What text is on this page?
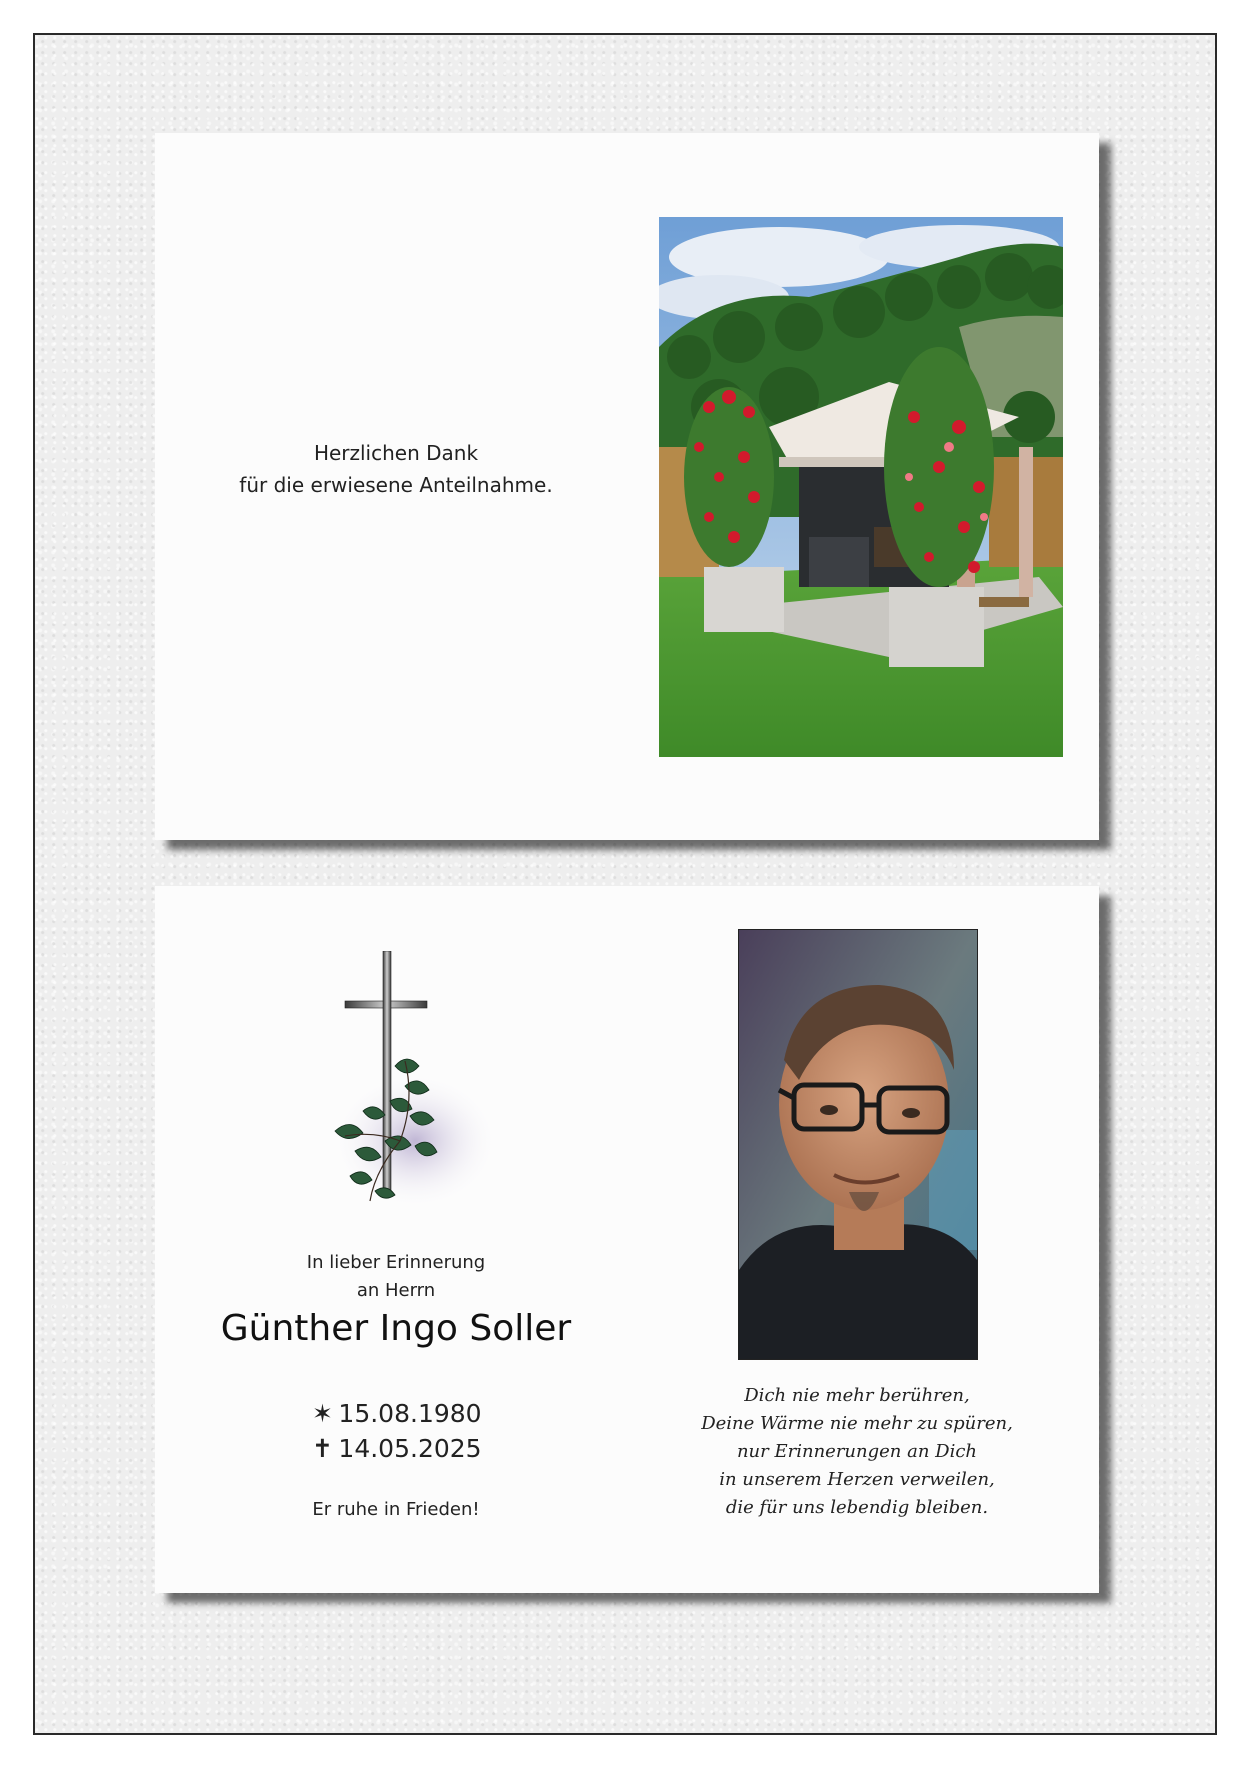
Herzlichen Dank
für die erwiesene Anteilnahme.
In lieber Erinnerung
an Herrn
Günther Ingo Soller
✶ 15.08.1980
✝ 14.05.2025
Er ruhe in Frieden!
Dich nie mehr berühren,
Deine Wärme nie mehr zu spüren,
nur Erinnerungen an Dich
in unserem Herzen verweilen,
die für uns lebendig bleiben.
